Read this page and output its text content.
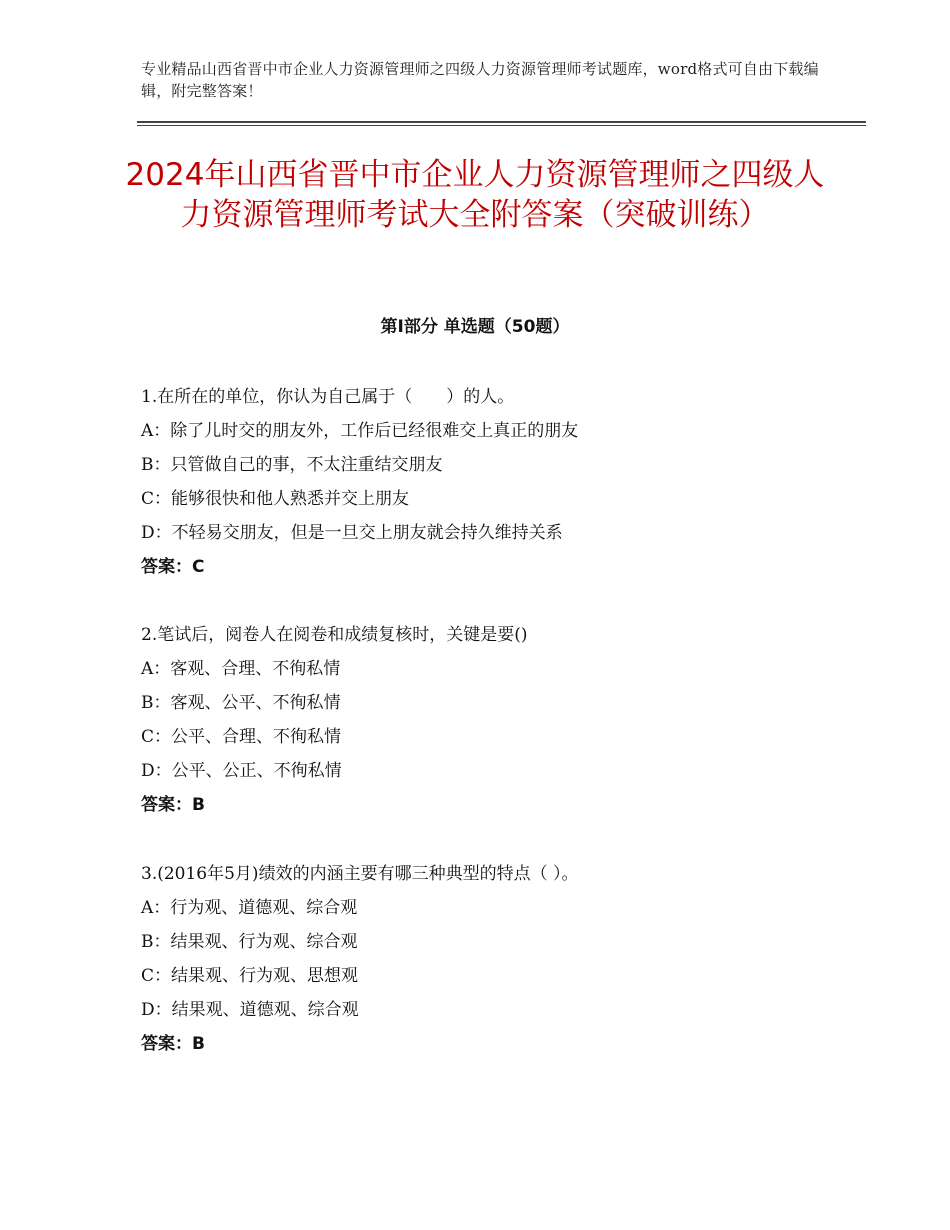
专业精品山西省晋中市企业人力资源管理师之四级人力资源管理师考试题库，word格式可自由下载编辑，附完整答案！
2024年山西省晋中市企业人力资源管理师之四级人力资源管理师考试大全附答案（突破训练）
第Ⅰ部分 单选题（50题）
1.在所在的单位，你认为自己属于（　　）的人。
A：除了儿时交的朋友外，工作后已经很难交上真正的朋友
B：只管做自己的事，不太注重结交朋友
C：能够很快和他人熟悉并交上朋友
D：不轻易交朋友，但是一旦交上朋友就会持久维持关系
答案：C
2.笔试后，阅卷人在阅卷和成绩复核时，关键是要()
A：客观、合理、不徇私情
B：客观、公平、不徇私情
C：公平、合理、不徇私情
D：公平、公正、不徇私情
答案：B
3.(2016年5月)绩效的内涵主要有哪三种典型的特点（ ）。
A：行为观、道德观、综合观
B：结果观、行为观、综合观
C：结果观、行为观、思想观
D：结果观、道德观、综合观
答案：B
